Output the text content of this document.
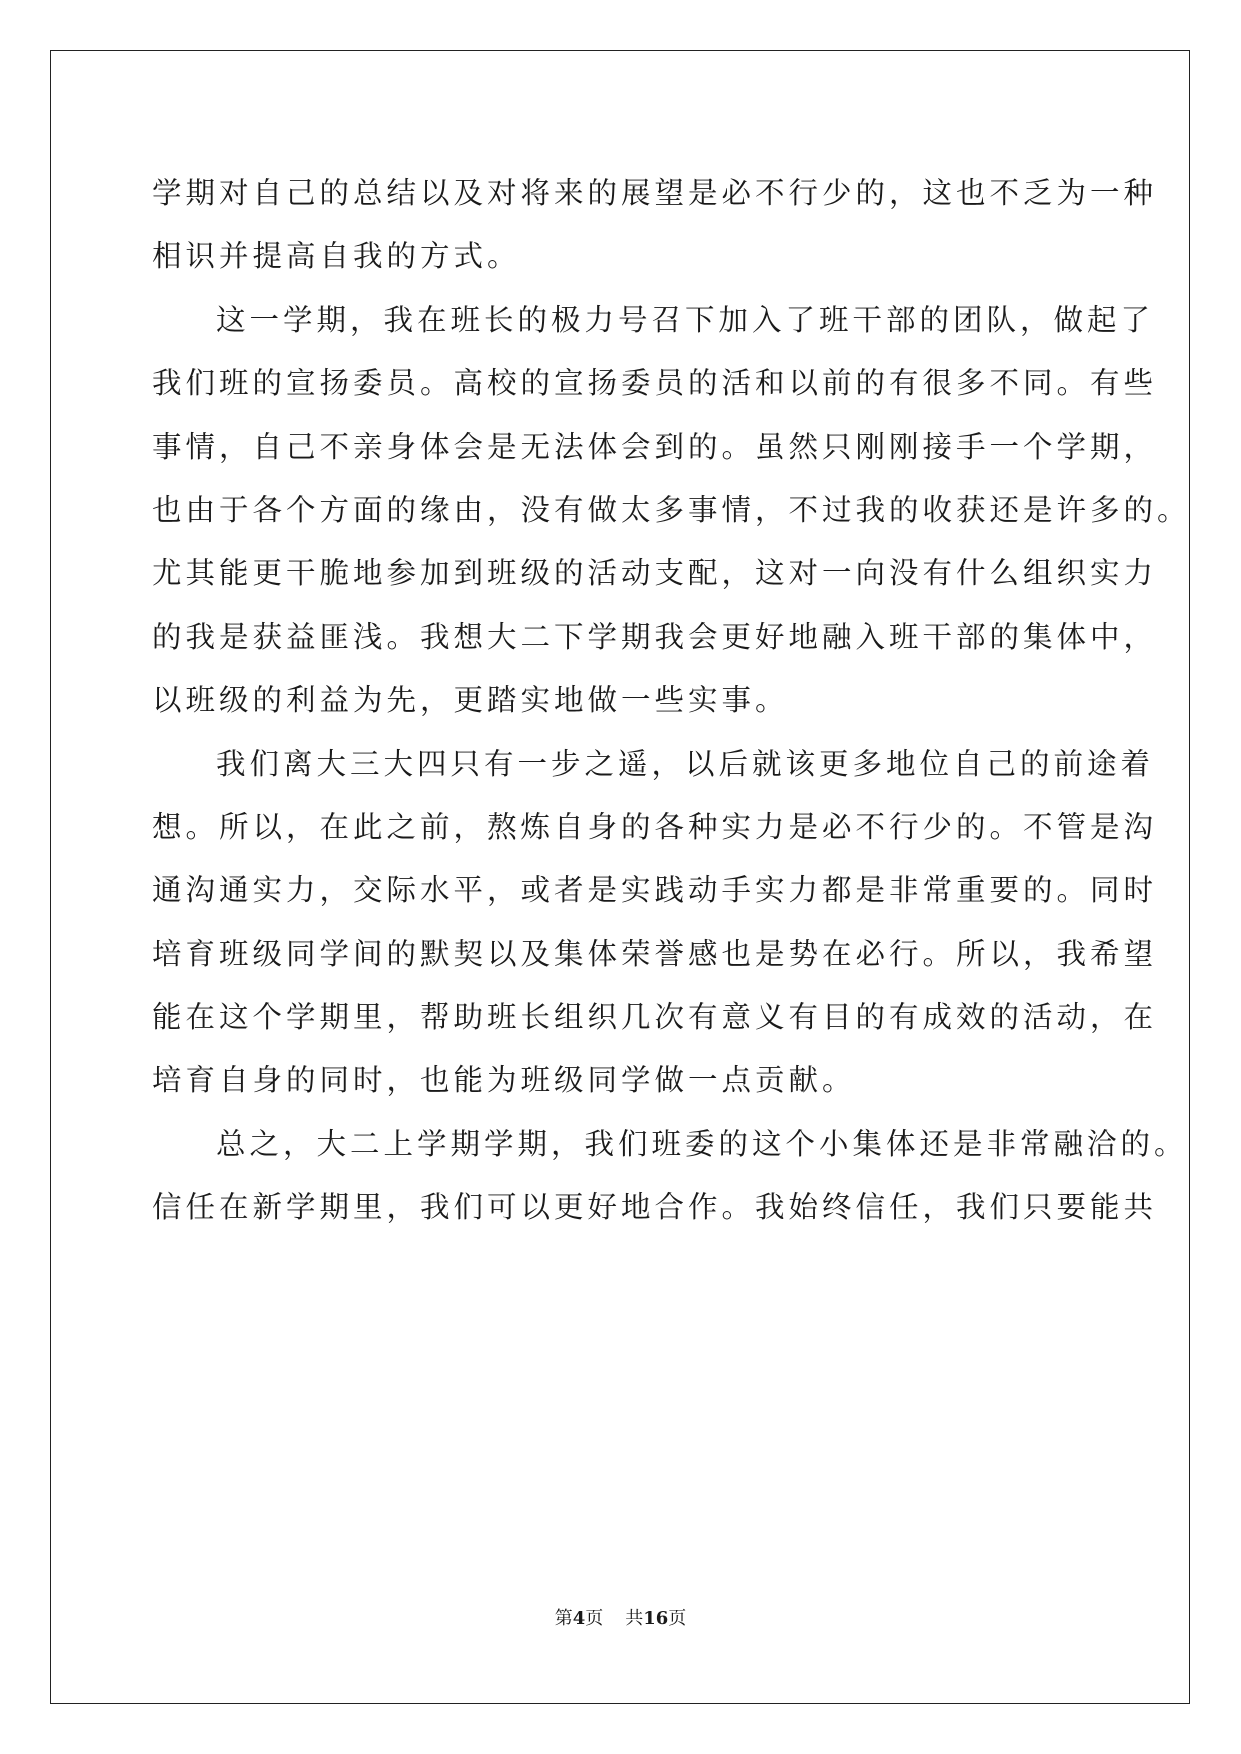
学期对自己的总结以及对将来的展望是必不行少的，这也不乏为一种
相识并提高自我的方式。
这一学期，我在班长的极力号召下加入了班干部的团队，做起了
我们班的宣扬委员。高校的宣扬委员的活和以前的有很多不同。有些
事情，自己不亲身体会是无法体会到的。虽然只刚刚接手一个学期，
也由于各个方面的缘由，没有做太多事情，不过我的收获还是许多的。
尤其能更干脆地参加到班级的活动支配，这对一向没有什么组织实力
的我是获益匪浅。我想大二下学期我会更好地融入班干部的集体中，
以班级的利益为先，更踏实地做一些实事。
我们离大三大四只有一步之遥，以后就该更多地位自己的前途着
想。所以，在此之前，熬炼自身的各种实力是必不行少的。不管是沟
通沟通实力，交际水平，或者是实践动手实力都是非常重要的。同时
培育班级同学间的默契以及集体荣誉感也是势在必行。所以，我希望
能在这个学期里，帮助班长组织几次有意义有目的有成效的活动，在
培育自身的同时，也能为班级同学做一点贡献。
总之，大二上学期学期，我们班委的这个小集体还是非常融洽的。
信任在新学期里，我们可以更好地合作。我始终信任，我们只要能共
第4页 共16页
